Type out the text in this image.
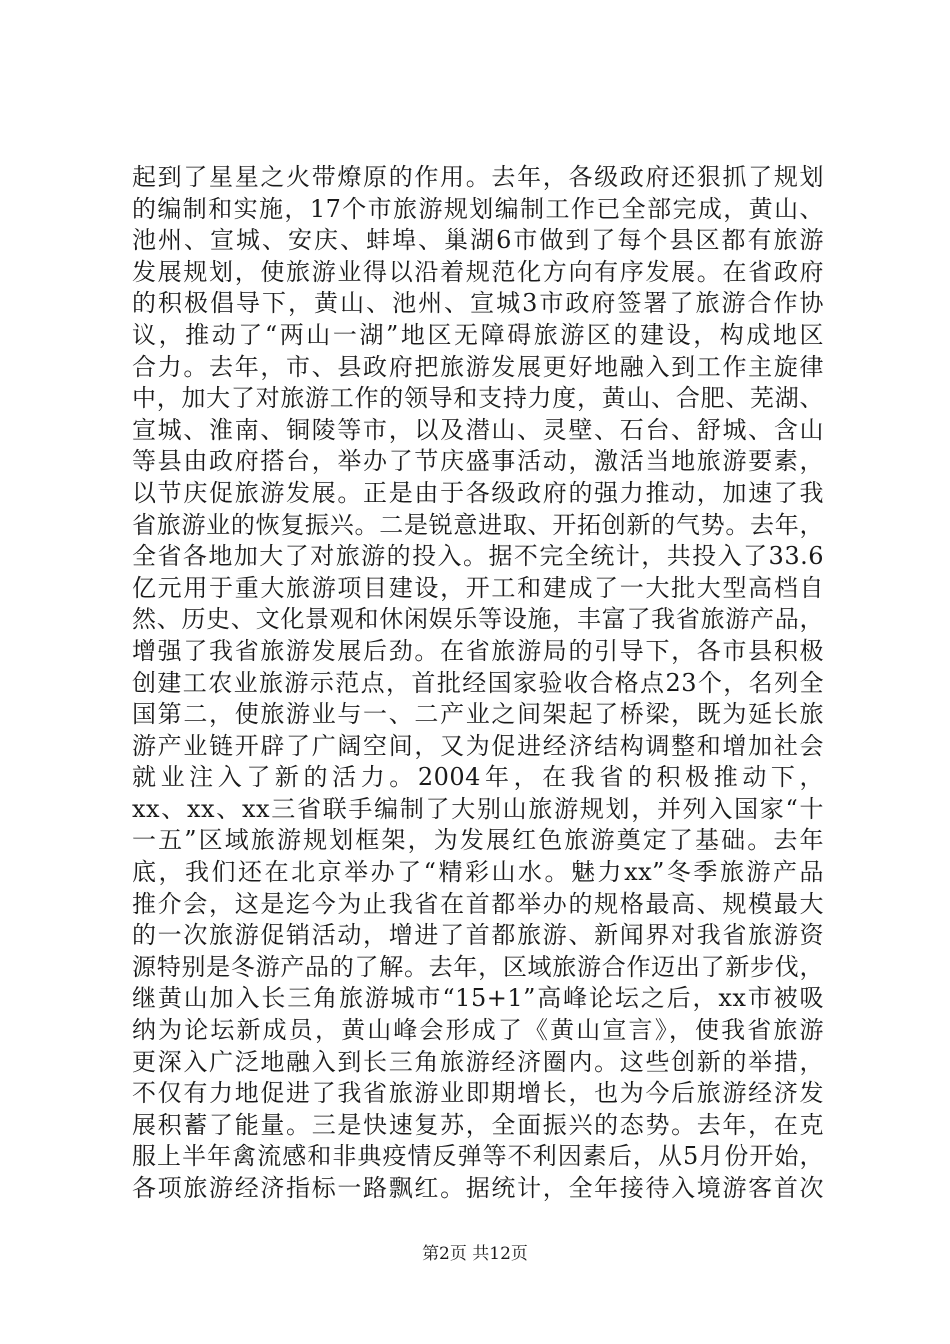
起到了星星之火带燎原的作用。去年，各级政府还狠抓了规划
的编制和实施，17个市旅游规划编制工作已全部完成，黄山、
池州、宣城、安庆、蚌埠、巢湖6市做到了每个县区都有旅游
发展规划，使旅游业得以沿着规范化方向有序发展。在省政府
的积极倡导下，黄山、池州、宣城3市政府签署了旅游合作协
议，推动了“两山一湖”地区无障碍旅游区的建设，构成地区
合力。去年，市、县政府把旅游发展更好地融入到工作主旋律
中，加大了对旅游工作的领导和支持力度，黄山、合肥、芜湖、
宣城、淮南、铜陵等市，以及潜山、灵壁、石台、舒城、含山
等县由政府搭台，举办了节庆盛事活动，激活当地旅游要素，
以节庆促旅游发展。正是由于各级政府的强力推动，加速了我
省旅游业的恢复振兴。二是锐意进取、开拓创新的气势。去年，
全省各地加大了对旅游的投入。据不完全统计，共投入了33.6
亿元用于重大旅游项目建设，开工和建成了一大批大型高档自
然、历史、文化景观和休闲娱乐等设施，丰富了我省旅游产品，
增强了我省旅游发展后劲。在省旅游局的引导下，各市县积极
创建工农业旅游示范点，首批经国家验收合格点23个，名列全
国第二，使旅游业与一、二产业之间架起了桥梁，既为延长旅
游产业链开辟了广阔空间，又为促进经济结构调整和增加社会
就业注入了新的活力。2004年，在我省的积极推动下，
xx、xx、xx三省联手编制了大别山旅游规划，并列入国家“十
一五”区域旅游规划框架，为发展红色旅游奠定了基础。去年
底，我们还在北京举办了“精彩山水。魅力xx”冬季旅游产品
推介会，这是迄今为止我省在首都举办的规格最高、规模最大
的一次旅游促销活动，增进了首都旅游、新闻界对我省旅游资
源特别是冬游产品的了解。去年，区域旅游合作迈出了新步伐，
继黄山加入长三角旅游城市“15+1”高峰论坛之后，xx市被吸
纳为论坛新成员，黄山峰会形成了《黄山宣言》，使我省旅游
更深入广泛地融入到长三角旅游经济圈内。这些创新的举措，
不仅有力地促进了我省旅游业即期增长，也为今后旅游经济发
展积蓄了能量。三是快速复苏，全面振兴的态势。去年，在克
服上半年禽流感和非典疫情反弹等不利因素后，从5月份开始，
各项旅游经济指标一路飘红。据统计，全年接待入境游客首次
第2页 共12页
